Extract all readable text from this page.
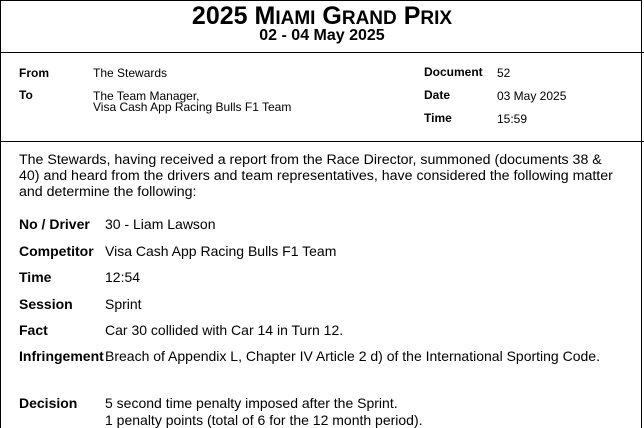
2025 MIAMI GRAND PRIX
02 - 04 May 2025
From	The Stewards
To	The Team Manager,
Visa Cash App Racing Bulls F1 Team
Document 52
Date	03 May 2025
Time	15:59
The Stewards, having received a report from the Race Director, summoned (documents 38 & 40) and heard from the drivers and team representatives, have considered the following matter and determine the following:
No / Driver 30 - Liam Lawson
Competitor Visa Cash App Racing Bulls F1 Team
Time	12:54
Session Sprint
Fact	Car 30 collided with Car 14 in Turn 12.
Infringement Breach of Appendix L, Chapter IV Article 2 d) of the International Sporting Code.
Decision 5 second time penalty imposed after the Sprint.
1 penalty points (total of 6 for the 12 month period).
